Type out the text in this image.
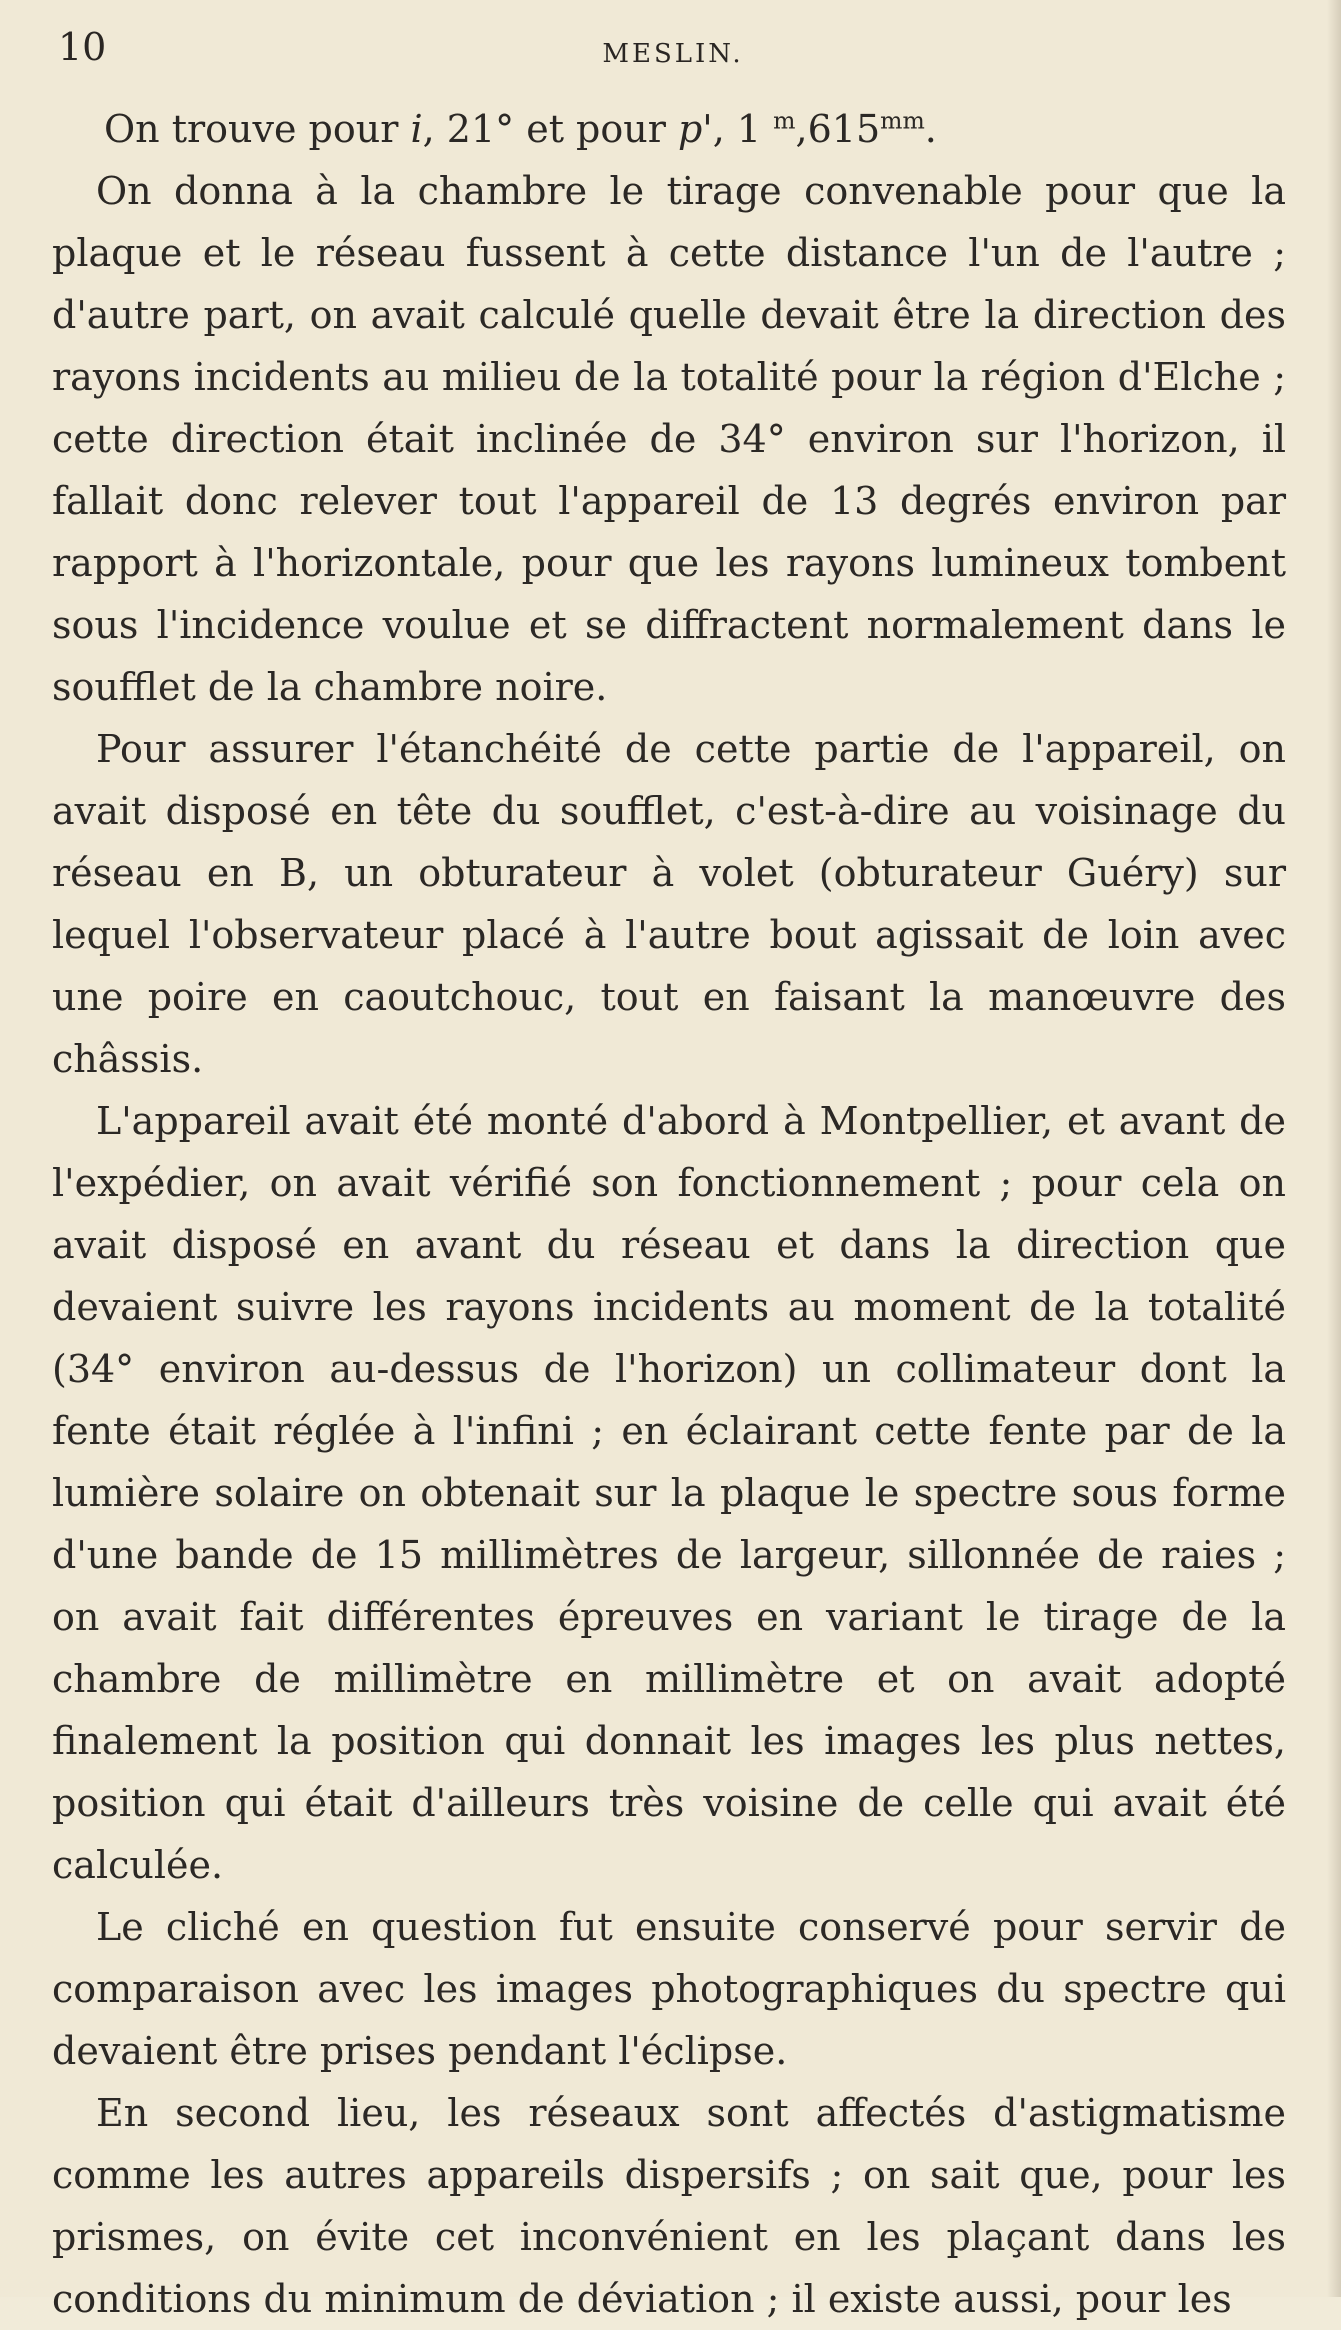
10	MESLIN.

On trouve pour i, 21° et pour p', 1 $^m,615^{mm}$.

On donna à la chambre le tirage convenable pour que la plaque et le réseau fussent à cette distance l'un de l'autre ; d'autre part, on avait calculé quelle devait être la direction des rayons incidents au milieu de la totalité pour la région d'Elche ; cette direction était inclinée de 34° environ sur l'horizon, il fallait donc relever tout l'appareil de 13 degrés environ par rapport à l'horizontale, pour que les rayons lumineux tombent sous l'incidence voulue et se diffractent normalement dans le soufflet de la chambre noire.

Pour assurer l'étanchéité de cette partie de l'appareil, on avait disposé en tête du soufflet, c'est-à-dire au voisinage du réseau en B, un obturateur à volet (obturateur Guéry) sur lequel l'observateur placé à l'autre bout agissait de loin avec une poire en caoutchouc, tout en faisant la manœuvre des châssis.

L'appareil avait été monté d'abord à Montpellier, et avant de l'expédier, on avait vérifié son fonctionnement ; pour cela on avait disposé en avant du réseau et dans la direction que devaient suivre les rayons incidents au moment de la totalité (34° environ au-dessus de l'horizon) un collimateur dont la fente était réglée à l'infini ; en éclairant cette fente par de la lumière solaire on obtenait sur la plaque le spectre sous forme d'une bande de 15 millimètres de largeur, sillonnée de raies ; on avait fait différentes épreuves en variant le tirage de la chambre de millimètre en millimètre et on avait adopté finalement la position qui donnait les images les plus nettes, position qui était d'ailleurs très voisine de celle qui avait été calculée.

Le cliché en question fut ensuite conservé pour servir de comparaison avec les images photographiques du spectre qui devaient être prises pendant l'éclipse.

En second lieu, les réseaux sont affectés d'astigmatisme comme les autres appareils dispersifs ; on sait que, pour les prismes, on évite cet inconvénient en les plaçant dans les conditions du minimum de déviation ; il existe aussi, pour les
